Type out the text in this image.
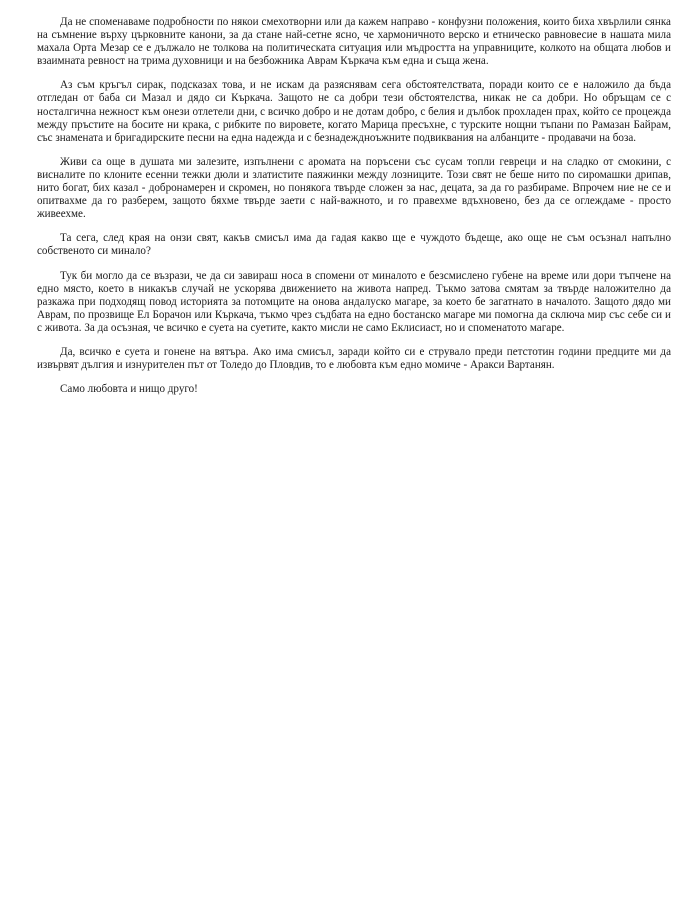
Да не споменаваме подробности по някои смехотворни или да кажем направо - конфузни положения, които биха хвърлили сянка на съмнение върху църковните канони, за да стане най-сетне ясно, че хармоничното верско и етническо равновесие в нашата мила махала Орта Мезар се е дължало не толкова на политическата ситуация или мъдростта на управниците, колкото на общата любов и взаимната ревност на трима духовници и на безбожника Аврам Къркача към една и съща жена.

Аз съм кръгъл сирак, подсказах това, и не искам да разяснявам сега обстоятелствата, поради които се е наложило да бъда отгледан от баба си Мазал и дядо си Къркача. Защото не са добри тези обстоятелства, никак не са добри. Но обръщам се с носталгична нежност към онези отлетели дни, с всичко добро и не дотам добро, с белия и дълбок прохладен прах, който се процежда между пръстите на босите ни крака, с рибките по вировете, когато Марица пресъхне, с турските нощни тъпани по Рамазан Байрам, със знамената и бригадирските песни на една надежда и с безнадеждноъжните подвиквания на албанците - продавачи на боза.

Живи са още в душата ми залезите, изпълнени с аромата на поръсени със сусам топли гевреци и на сладко от смокини, с висналите по клоните есенни тежки дюли и златистите паяжинки между лозниците. Този свят не беше нито по сиромашки дрипав, нито богат, бих казал - добронамерен и скромен, но понякога твърде сложен за нас, децата, за да го разбираме. Впрочем ние не се и опитвахме да го разберем, защото бяхме твърде заети с най-важното, и го правехме вдъхновено, без да се оглеждаме - просто живеехме.

Та сега, след края на онзи свят, какъв смисъл има да гадая какво ще е чуждото бъдеще, ако още не съм осъзнал напълно собственото си минало?

Тук би могло да се възрази, че да си завираш носа в спомени от миналото е безсмислено губене на време или дори тъпчене на едно място, което в никакъв случай не ускорява движението на живота напред. Тъкмо затова смятам за твърде наложително да разкажа при подходящ повод историята за потомците на онова андалуско магаре, за което бе загатнато в началото. Защото дядо ми Аврам, по прозвище Ел Борачон или Къркача, тъкмо чрез съдбата на едно бостанско магаре ми помогна да сключа мир със себе си и с живота. За да осъзная, че всичко е суета на суетите, както мисли не само Еклисиаст, но и споменатото магаре.

Да, всичко е суета и гонене на вятъра. Ако има смисъл, заради който си е струвало преди петстотин години предците ми да извървят дългия и изнурителен път от Толедо до Пловдив, то е любовта към едно момиче - Аракси Вартанян.

Само любовта и нищо друго!
